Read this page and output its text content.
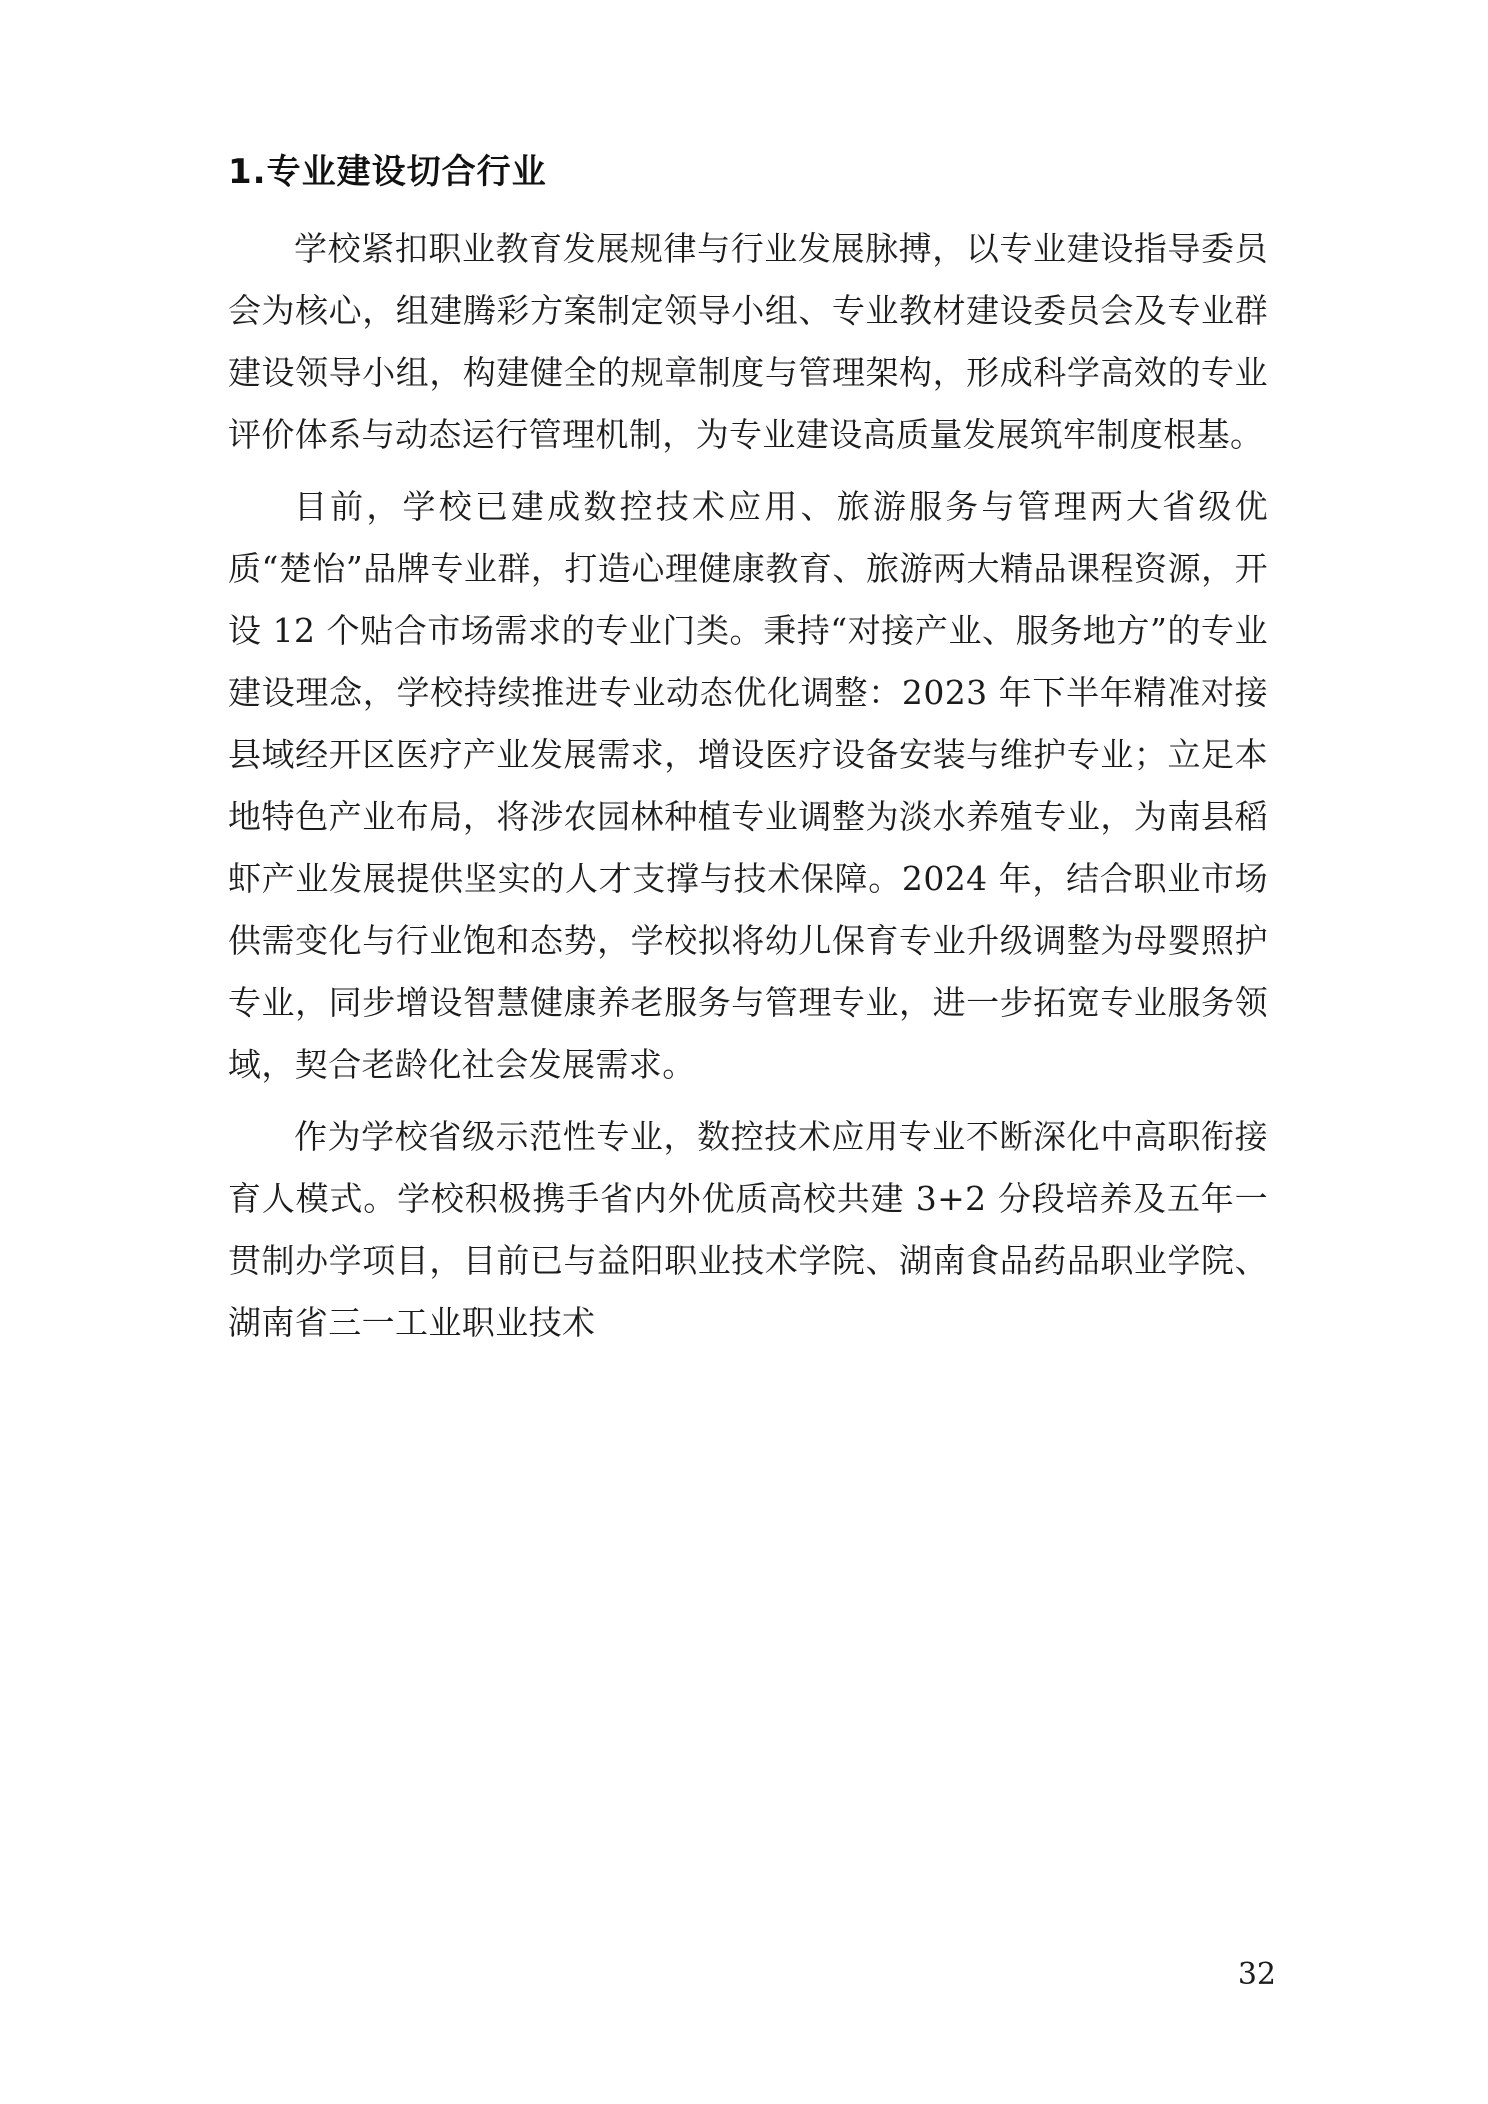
1.专业建设切合行业

学校紧扣职业教育发展规律与行业发展脉搏，以专业建设指导委员会为核心，组建腾彩方案制定领导小组、专业教材建设委员会及专业群建设领导小组，构建健全的规章制度与管理架构，形成科学高效的专业评价体系与动态运行管理机制，为专业建设高质量发展筑牢制度根基。

目前，学校已建成数控技术应用、旅游服务与管理两大省级优质“楚怡”品牌专业群，打造心理健康教育、旅游两大精品课程资源，开设 12 个贴合市场需求的专业门类。秉持“对接产业、服务地方”的专业建设理念，学校持续推进专业动态优化调整：2023 年下半年精准对接县域经开区医疗产业发展需求，增设医疗设备安装与维护专业；立足本地特色产业布局，将涉农园林种植专业调整为淡水养殖专业，为南县稻虾产业发展提供坚实的人才支撑与技术保障。2024 年，结合职业市场供需变化与行业饱和态势，学校拟将幼儿保育专业升级调整为母婴照护专业，同步增设智慧健康养老服务与管理专业，进一步拓宽专业服务领域，契合老龄化社会发展需求。

作为学校省级示范性专业，数控技术应用专业不断深化中高职衔接育人模式。学校积极携手省内外优质高校共建 3+2 分段培养及五年一贯制办学项目，目前已与益阳职业技术学院、湖南食品药品职业学院、湖南省三一工业职业技术

32
